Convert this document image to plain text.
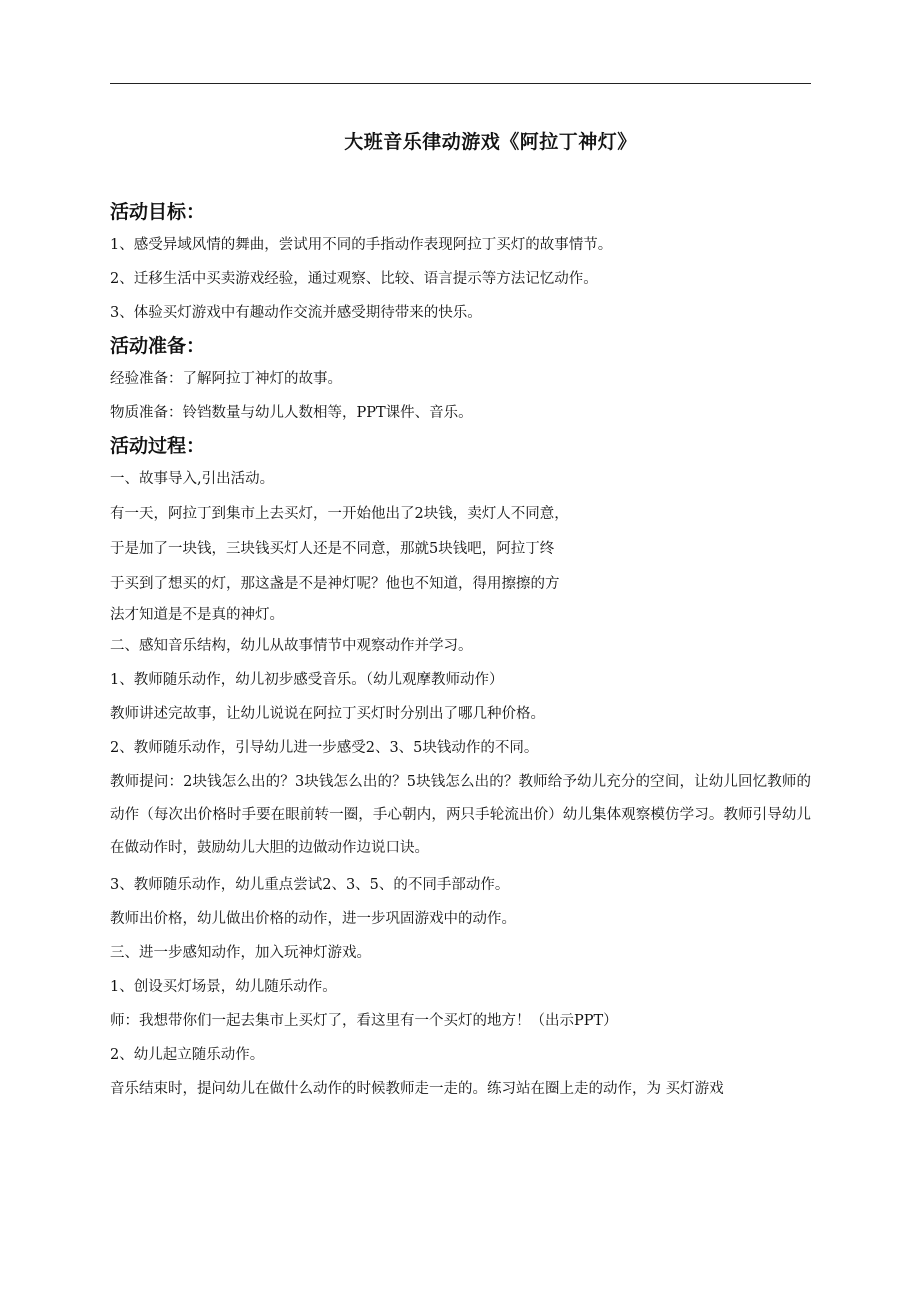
大班音乐律动游戏《阿拉丁神灯》
活动目标：
1、感受异域风情的舞曲，尝试用不同的手指动作表现阿拉丁买灯的故事情节。
2、迁移生活中买卖游戏经验，通过观察、比较、语言提示等方法记忆动作。
3、体验买灯游戏中有趣动作交流并感受期待带来的快乐。
活动准备：
经验准备：了解阿拉丁神灯的故事。
物质准备：铃铛数量与幼儿人数相等，PPT课件、音乐。
活动过程：
一、故事导入,引出活动。
有一天，阿拉丁到集市上去买灯，一开始他出了2块钱，卖灯人不同意，
于是加了一块钱，三块钱买灯人还是不同意，那就5块钱吧，阿拉丁终
于买到了想买的灯，那这盏是不是神灯呢？他也不知道，得用擦擦的方
法才知道是不是真的神灯。
二、感知音乐结构，幼儿从故事情节中观察动作并学习。
1、教师随乐动作，幼儿初步感受音乐。（幼儿观摩教师动作）
教师讲述完故事，让幼儿说说在阿拉丁买灯时分别出了哪几种价格。
2、教师随乐动作，引导幼儿进一步感受2、3、5块钱动作的不同。
教师提问：2块钱怎么出的？3块钱怎么出的？5块钱怎么出的？教师给予幼儿充分的空间，让幼儿回忆教师的动作（每次出价格时手要在眼前转一圈，手心朝内，两只手轮流出价）幼儿集体观察模仿学习。教师引导幼儿在做动作时，鼓励幼儿大胆的边做动作边说口诀。
3、教师随乐动作，幼儿重点尝试2、3、5、的不同手部动作。
教师出价格，幼儿做出价格的动作，进一步巩固游戏中的动作。
三、进一步感知动作，加入玩神灯游戏。
1、创设买灯场景，幼儿随乐动作。
师：我想带你们一起去集市上买灯了，看这里有一个买灯的地方！（出示PPT）
2、幼儿起立随乐动作。
音乐结束时，提问幼儿在做什么动作的时候教师走一走的。练习站在圈上走的动作，为 买灯游戏
